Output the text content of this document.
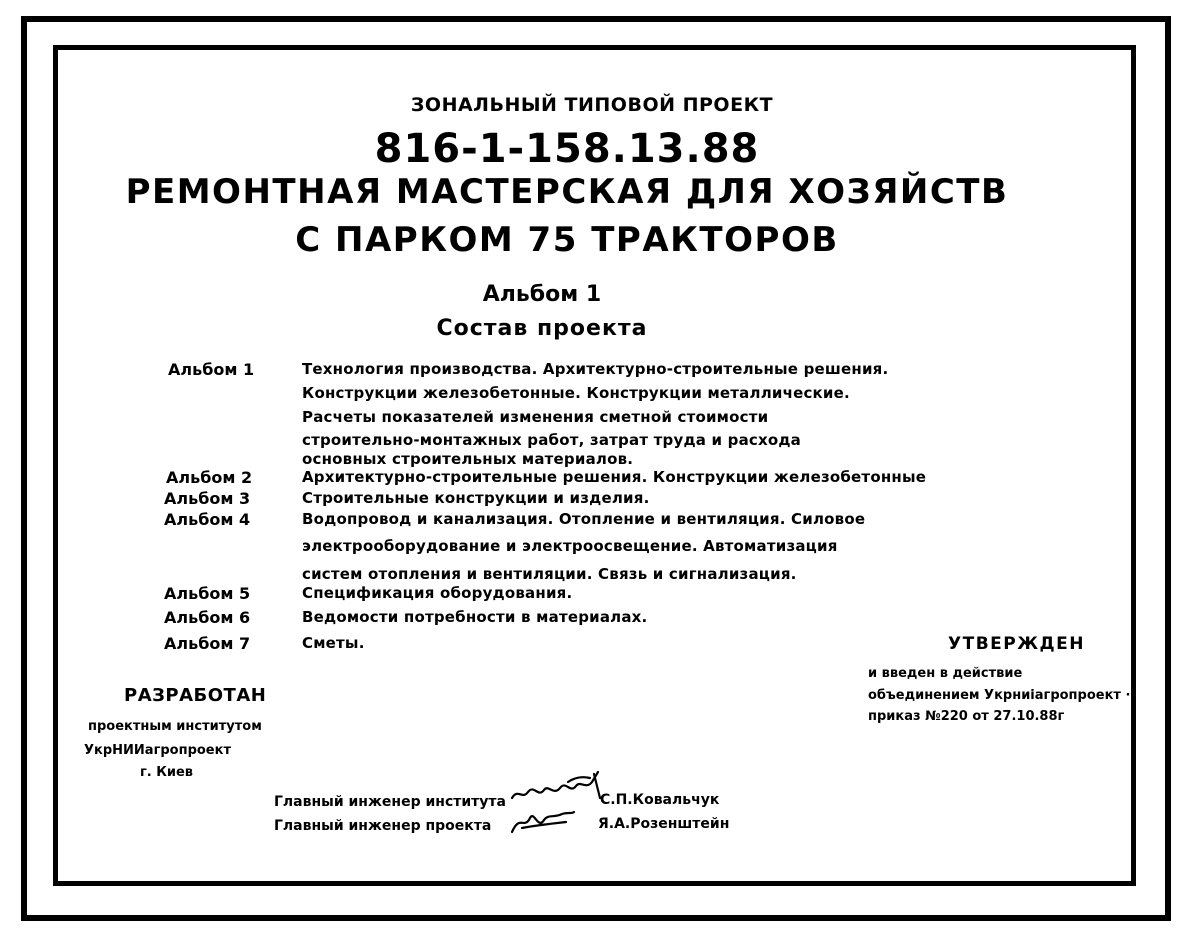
ЗОНАЛЬНЫЙ ТИПОВОЙ ПРОЕКТ
816-1-158.13.88
РЕМОНТНАЯ МАСТЕРСКАЯ ДЛЯ ХОЗЯЙСТВ
С ПАРКОМ 75 ТРАКТОРОВ
Альбом 1
Состав проекта
Альбом 1	Технология производства. Архитектурно-строительные решения.
Конструкции железобетонные. Конструкции металлические.
Расчеты показателей изменения сметной стоимости
строительно-монтажных работ, затрат труда и расхода
основных строительных материалов.
Альбом 2	Архитектурно-строительные решения. Конструкции железобетонные
Альбом 3	Строительные конструкции и изделия.
Альбом 4	Водопровод и канализация. Отопление и вентиляция. Силовое
электрооборудование и электроосвещение. Автоматизация
систем отопления и вентиляции. Связь и сигнализация.
Альбом 5	Спецификация оборудования.
Альбом 6	Ведомости потребности в материалах.
Альбом 7	Сметы.	УТВЕРЖДЕН
и введен в действие
объединением Укрниiагропроект ·
приказ №220 от 27.10.88г
РАЗРАБОТАН
проектным институтом
УкрНИИагропроект
г. Киев
Главный инженер института	С.П.Ковальчук
Главный инженер проекта	Я.А.Розенштейн
